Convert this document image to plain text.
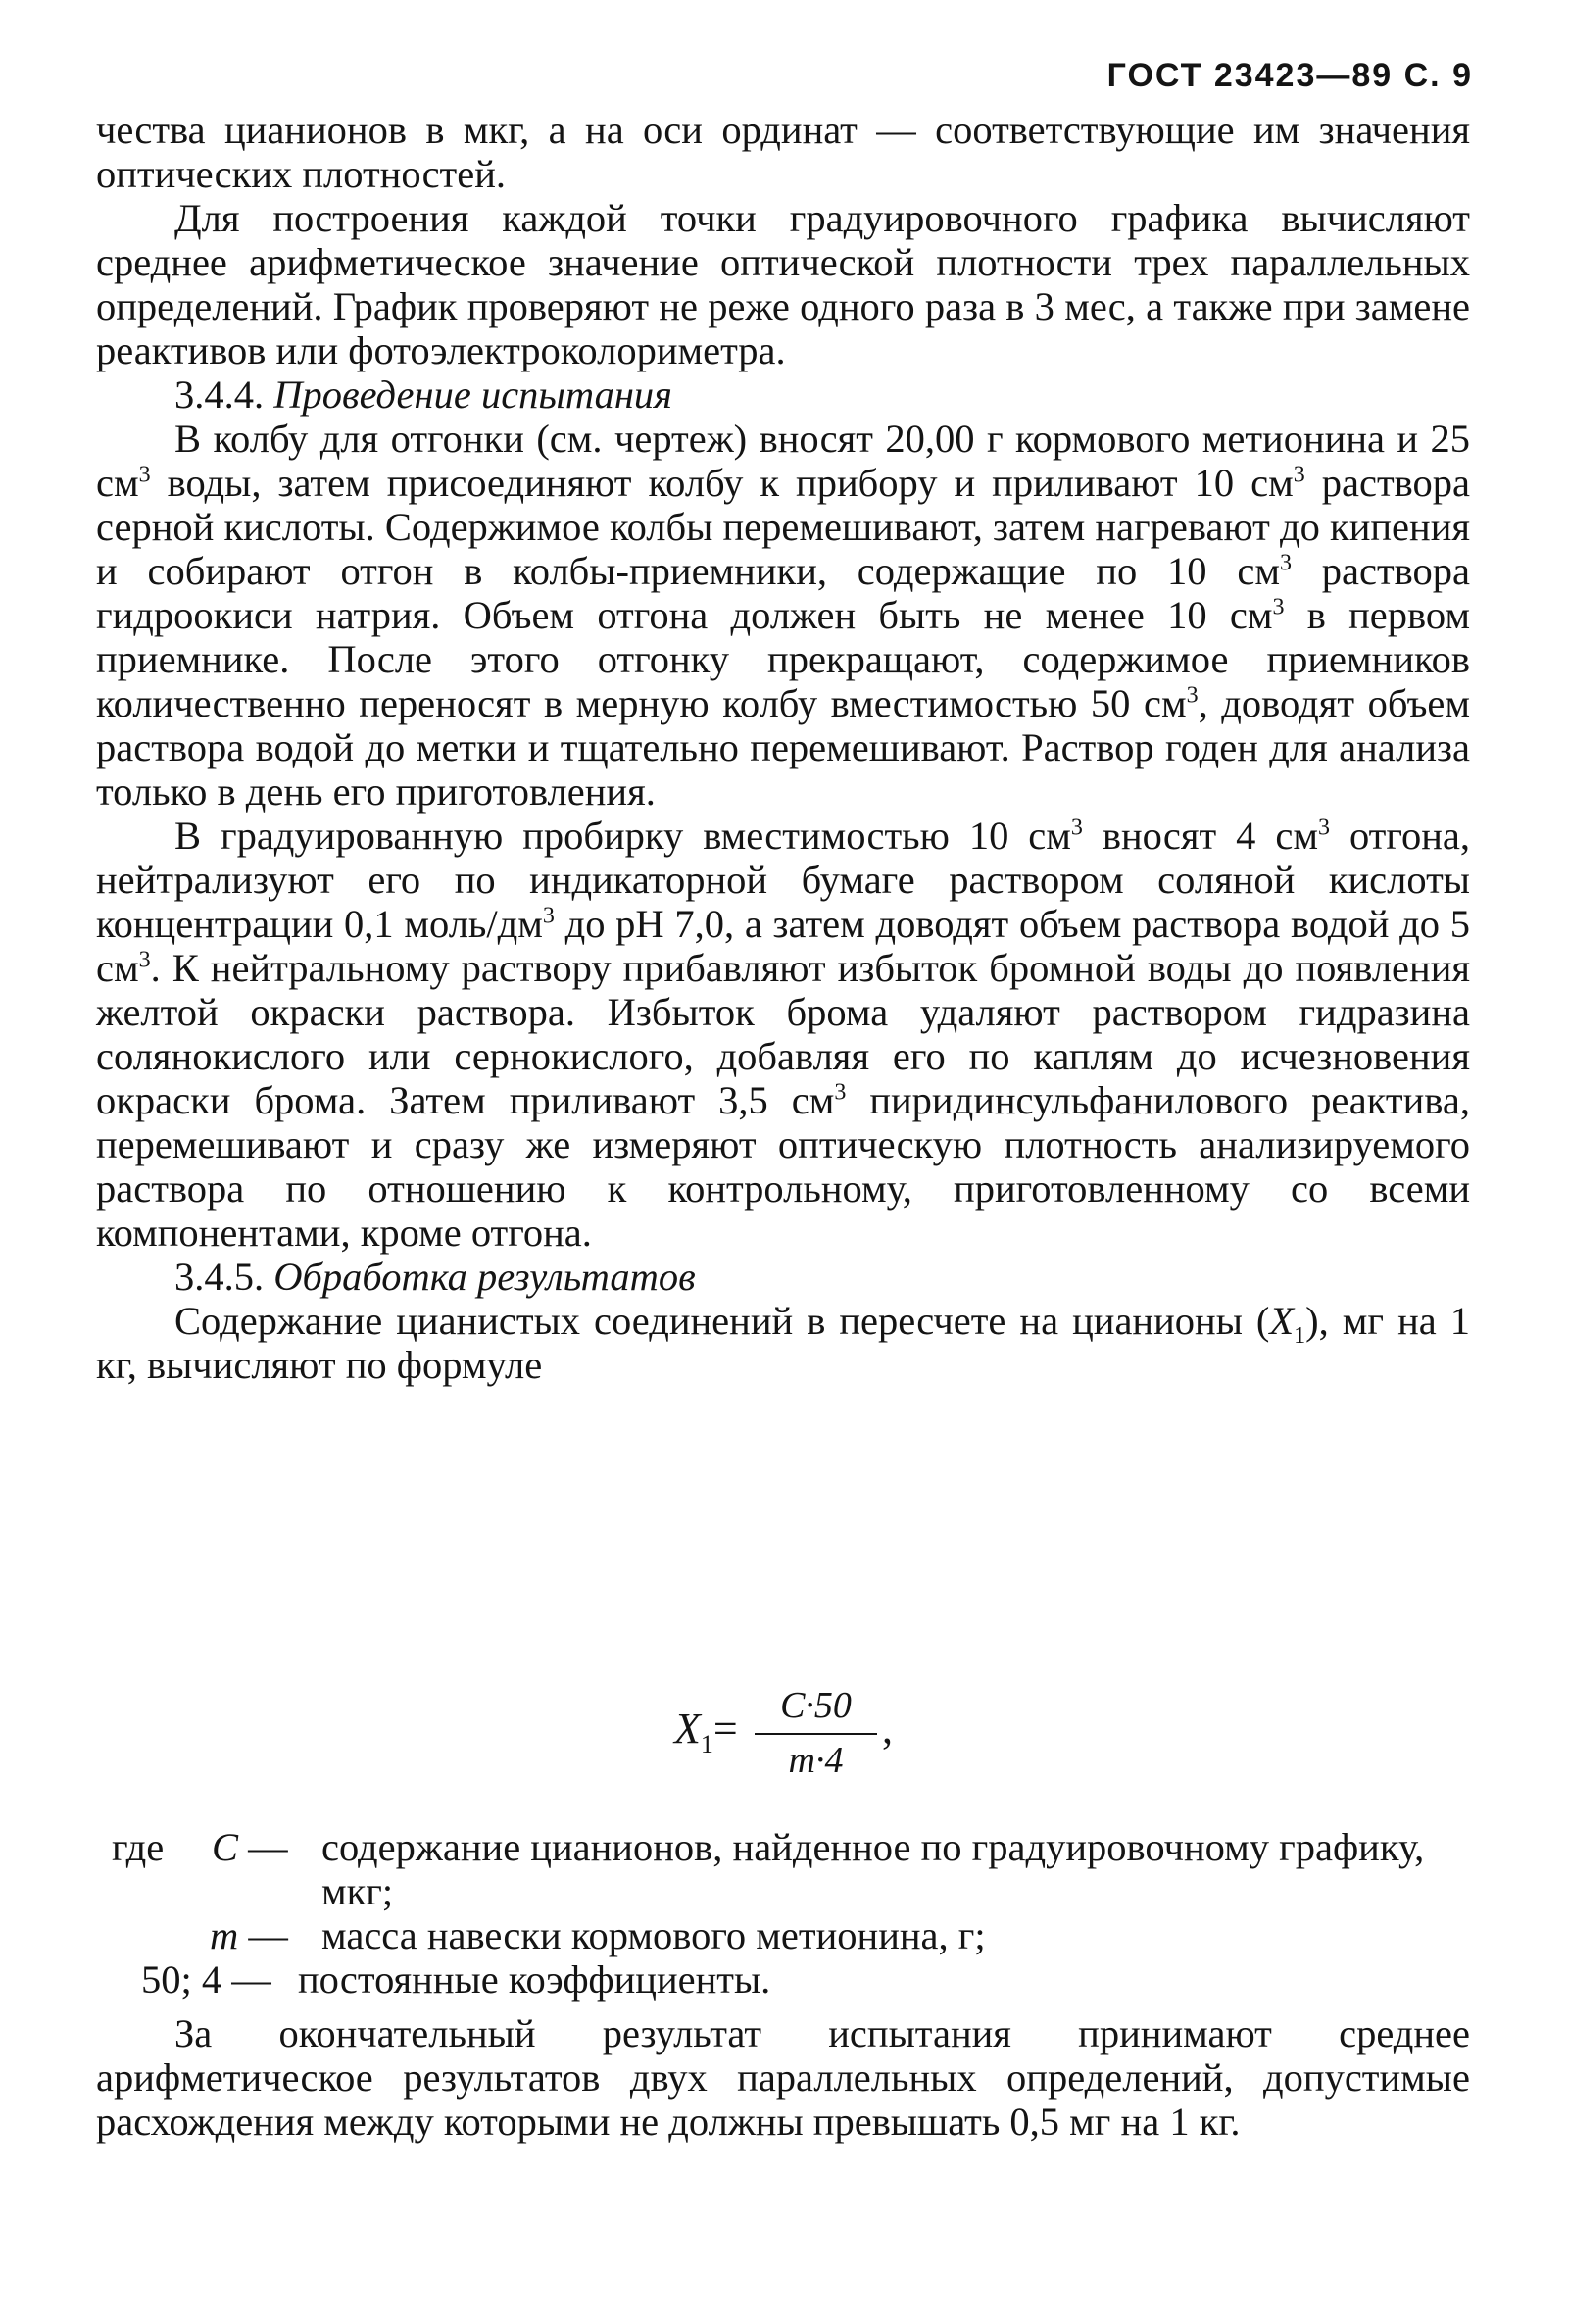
ГОСТ 23423—89 С. 9

чества цианионов в мкг, а на оси ординат — соответствующие им значения оптических плотностей.

Для построения каждой точки градуировочного графика вычисляют среднее арифметическое значение оптической плотности трех параллельных определений. График проверяют не реже одного раза в 3 мес, а также при замене реактивов или фотоэлектроколориметра.

3.4.4. Проведение испытания

В колбу для отгонки (см. чертеж) вносят 20,00 г кормового метионина и 25 $см^3$ воды, затем присоединяют колбу к прибору и приливают 10 $см^3$ раствора серной кислоты. Содержимое колбы перемешивают, затем нагревают до кипения и собирают отгон в колбы-приемники, содержащие по 10 $см^3$ раствора гидроокиси натрия. Объем отгона должен быть не менее 10 $см^3$ в первом приемнике. После этого отгонку прекращают, содержимое приемников количественно переносят в мерную колбу вместимостью 50 $см^3$, доводят объем раствора водой до метки и тщательно перемешивают. Раствор годен для анализа только в день его приготовления.

В градуированную пробирку вместимостью 10 $см^3$ вносят 4 $см^3$ отгона, нейтрализуют его по индикаторной бумаге раствором соляной кислоты концентрации 0,1 моль/$дм^3$ до pH 7,0, а затем доводят объем раствора водой до 5 $см^3$. К нейтральному раствору прибавляют избыток бромной воды до появления желтой окраски раствора. Избыток брома удаляют раствором гидразина солянокислого или сернокислого, добавляя его по каплям до исчезновения окраски брома. Затем приливают 3,5 $см^3$ пиридинсульфанилового реактива, перемешивают и сразу же измеряют оптическую плотность анализируемого раствора по отношению к контрольному, приготовленному со всеми компонентами, кроме отгона.

3.4.5. Обработка результатов

Содержание цианистых соединений в пересчете на цианионы $(X_1)$, мг на 1 кг, вычисляют по формуле

$X_1= \frac{C\cdot 50}{m\cdot 4}$ ,
где C — содержание цианионов, найденное по градуировочному графику, мкг;
m — масса навески кормового метионина, г;
50; 4 — постоянные коэффициенты.

За окончательный результат испытания принимают среднее арифметическое результатов двух параллельных определений, допустимые расхождения между которыми не должны превышать 0,5 мг на 1 кг.
